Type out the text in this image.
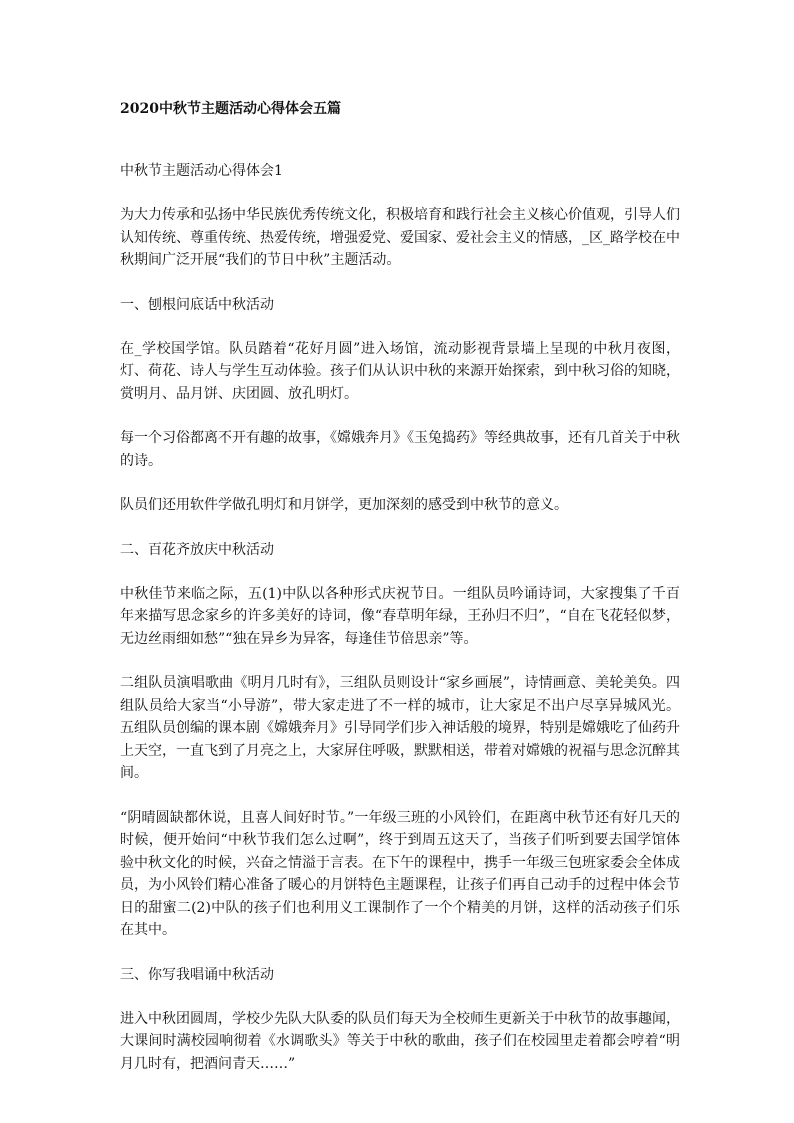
2020中秋节主题活动心得体会五篇

中秋节主题活动心得体会1

为大力传承和弘扬中华民族优秀传统文化，积极培育和践行社会主义核心价值观，引导人们认知传统、尊重传统、热爱传统，增强爱党、爱国家、爱社会主义的情感，_区_路学校在中秋期间广泛开展“我们的节日中秋”主题活动。

一、刨根问底话中秋活动

在_学校国学馆。队员踏着“花好月圆”进入场馆，流动影视背景墙上呈现的中秋月夜图，灯、荷花、诗人与学生互动体验。孩子们从认识中秋的来源开始探索，到中秋习俗的知晓，赏明月、品月饼、庆团圆、放孔明灯。

每一个习俗都离不开有趣的故事，《嫦娥奔月》《玉兔捣药》等经典故事，还有几首关于中秋的诗。

队员们还用软件学做孔明灯和月饼学，更加深刻的感受到中秋节的意义。

二、百花齐放庆中秋活动

中秋佳节来临之际，五(1)中队以各种形式庆祝节日。一组队员吟诵诗词，大家搜集了千百年来描写思念家乡的许多美好的诗词，像“春草明年绿，王孙归不归”，“自在飞花轻似梦，无边丝雨细如愁”“独在异乡为异客，每逢佳节倍思亲”等。

二组队员演唱歌曲《明月几时有》，三组队员则设计“家乡画展”，诗情画意、美轮美奂。四组队员给大家当“小导游”，带大家走进了不一样的城市，让大家足不出户尽享异城风光。五组队员创编的课本剧《嫦娥奔月》引导同学们步入神话般的境界，特别是嫦娥吃了仙药升上天空，一直飞到了月亮之上，大家屏住呼吸，默默相送，带着对嫦娥的祝福与思念沉醉其间。

“阴晴圆缺都休说，且喜人间好时节。”一年级三班的小风铃们，在距离中秋节还有好几天的时候，便开始问“中秋节我们怎么过啊”，终于到周五这天了，当孩子们听到要去国学馆体验中秋文化的时候，兴奋之情溢于言表。在下午的课程中，携手一年级三包班家委会全体成员，为小风铃们精心准备了暖心的月饼特色主题课程，让孩子们再自己动手的过程中体会节日的甜蜜二(2)中队的孩子们也利用义工课制作了一个个精美的月饼，这样的活动孩子们乐在其中。

三、你写我唱诵中秋活动

进入中秋团圆周，学校少先队大队委的队员们每天为全校师生更新关于中秋节的故事趣闻，大课间时满校园响彻着《水调歌头》等关于中秋的歌曲，孩子们在校园里走着都会哼着“明月几时有，把酒问青天……”
